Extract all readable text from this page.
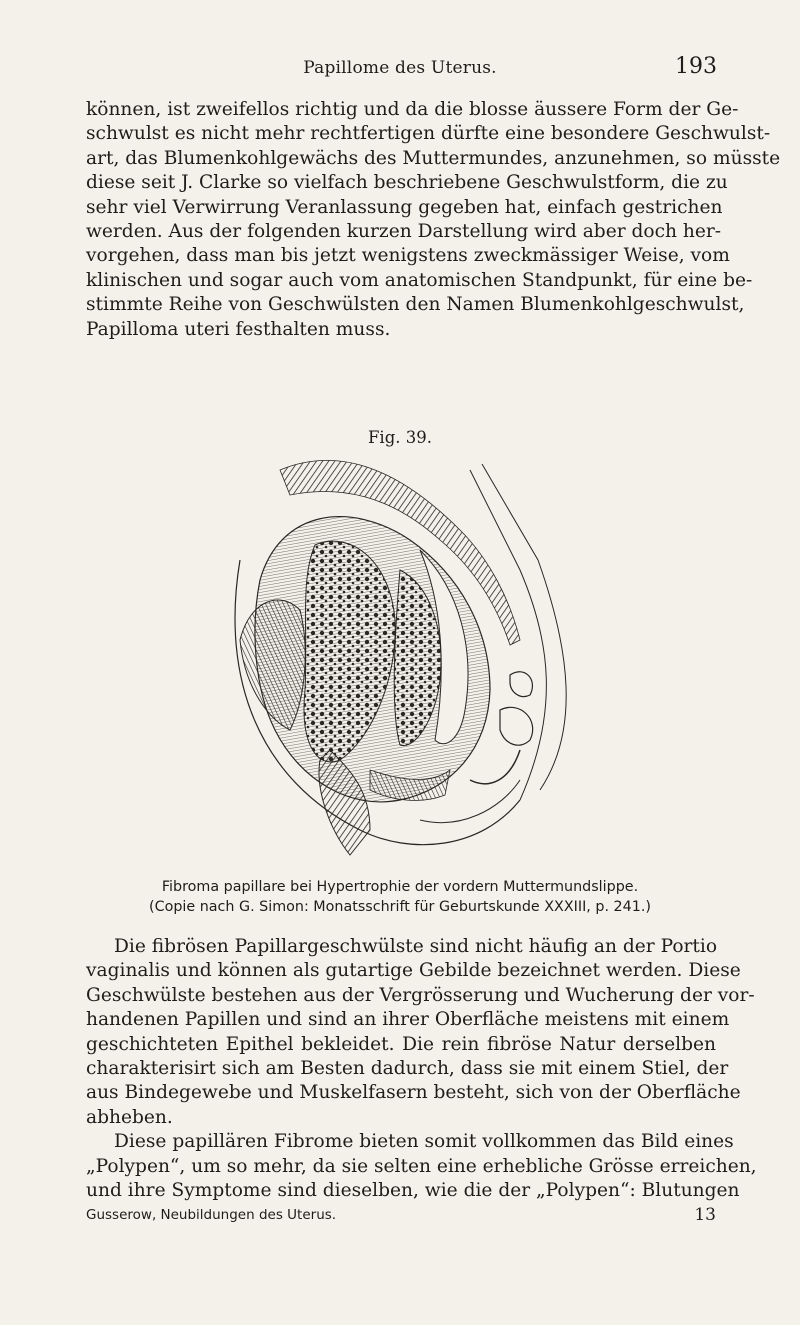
Papillome des Uterus.	193
können, ist zweifellos richtig und da die blosse äussere Form der Ge-
schwulst es nicht mehr rechtfertigen dürfte eine besondere Geschwulst-
art, das Blumenkohlgewächs des Muttermundes, anzunehmen, so müsste
diese seit J. Clarke so vielfach beschriebene Geschwulstform, die zu
sehr viel Verwirrung Veranlassung gegeben hat, einfach gestrichen
werden. Aus der folgenden kurzen Darstellung wird aber doch her-
vorgehen, dass man bis jetzt wenigstens zweckmässiger Weise, vom
klinischen und sogar auch vom anatomischen Standpunkt, für eine be-
stimmte Reihe von Geschwülsten den Namen Blumenkohlgeschwulst,
Papilloma uteri festhalten muss.
Fig. 39.
Fibroma papillare bei Hypertrophie der vordern Muttermundslippe.
(Copie nach G. Simon: Monatsschrift für Geburtskunde XXXIII, p. 241.)
Die fibrösen Papillargeschwülste sind nicht häufig an der Portio
vaginalis und können als gutartige Gebilde bezeichnet werden. Diese
Geschwülste bestehen aus der Vergrösserung und Wucherung der vor-
handenen Papillen und sind an ihrer Oberfläche meistens mit einem
geschichteten Epithel bekleidet. Die rein fibröse Natur derselben
charakterisirt sich am Besten dadurch, dass sie mit einem Stiel, der
aus Bindegewebe und Muskelfasern besteht, sich von der Oberfläche
abheben.
Diese papillären Fibrome bieten somit vollkommen das Bild eines
„Polypen“, um so mehr, da sie selten eine erhebliche Grösse erreichen,
und ihre Symptome sind dieselben, wie die der „Polypen“: Blutungen
Gusserow, Neubildungen des Uterus.	13
